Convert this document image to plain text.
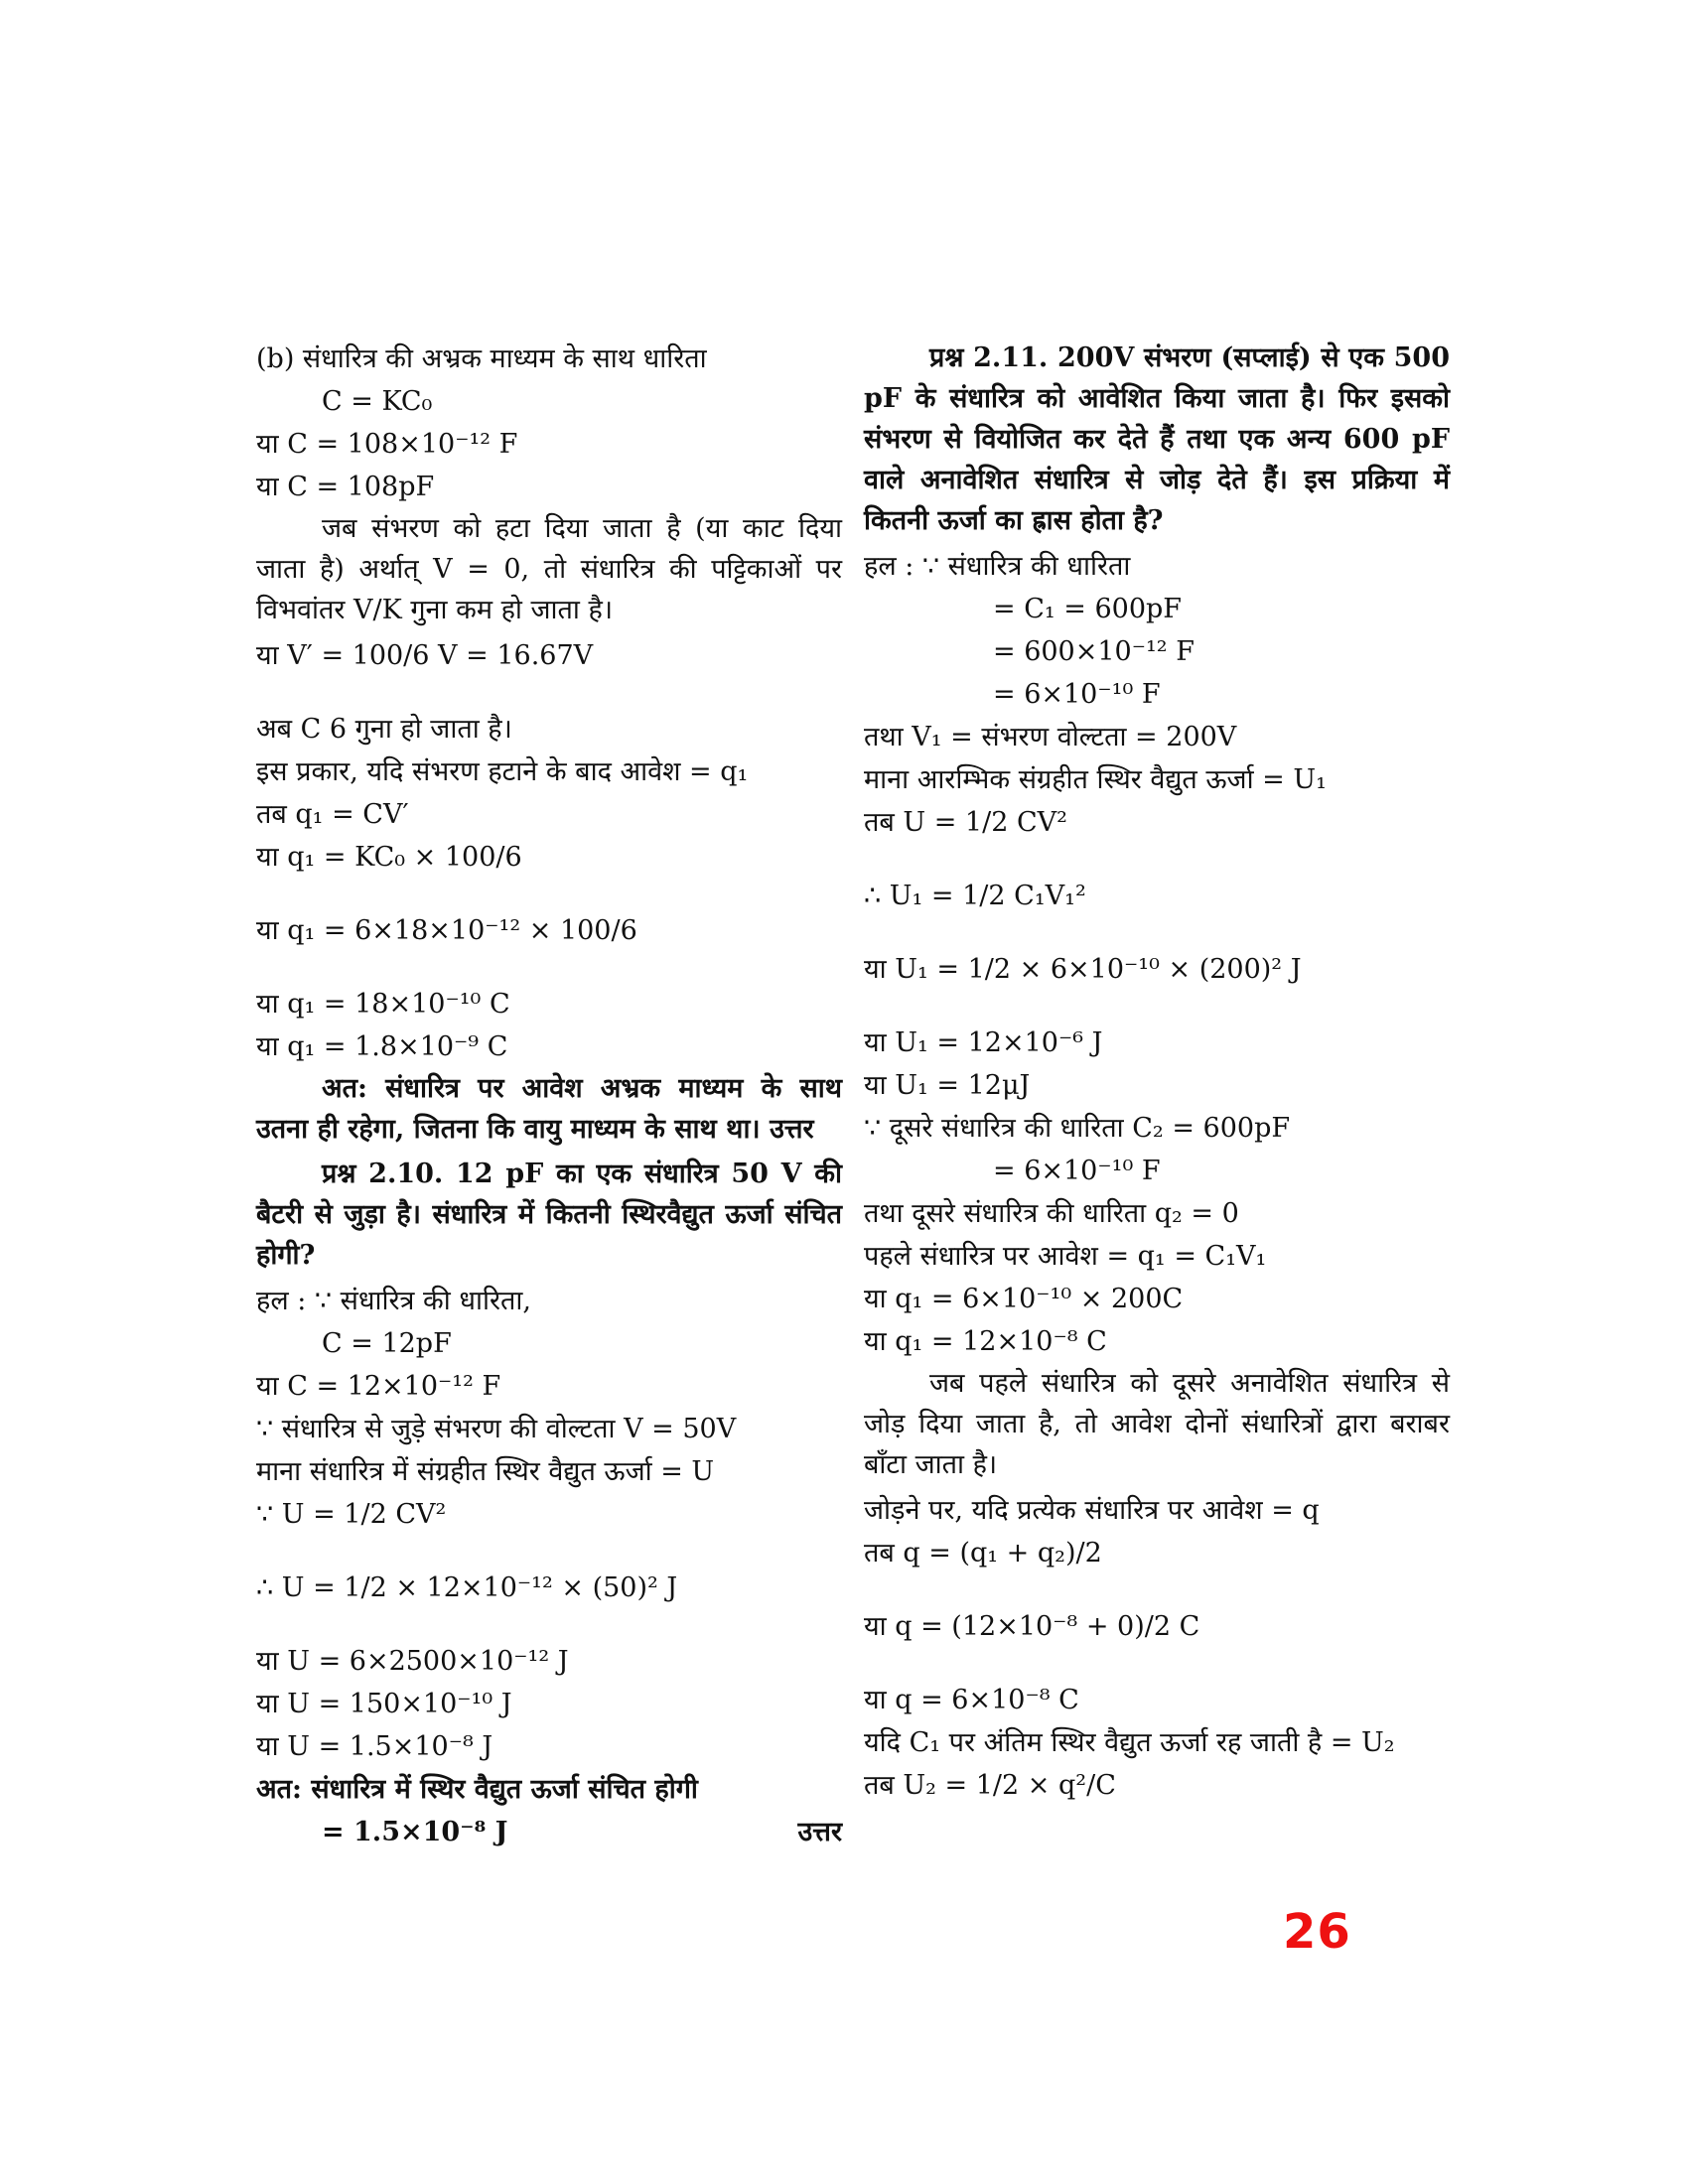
(b) संधारित्र की अभ्रक माध्यम के साथ धारिता
C = KC₀
या C = 108×10⁻¹² F
या C = 108pF

जब संभरण को हटा दिया जाता है (या काट दिया जाता है) अर्थात् V = 0, तो संधारित्र की पट्टिकाओं पर विभवांतर V/K गुना कम हो जाता है।

या V′ = 100/6 V = 16.67V
अब C 6 गुना हो जाता है।
इस प्रकार, यदि संभरण हटाने के बाद आवेश = q₁
तब q₁ = CV′
या q₁ = KC₀ × 100/6
या q₁ = 6×18×10⁻¹² × 100/6
या q₁ = 18×10⁻¹⁰ C
या q₁ = 1.8×10⁻⁹ C

अत: संधारित्र पर आवेश अभ्रक माध्यम के साथ उतना ही रहेगा, जितना कि वायु माध्यम के साथ था। उत्तर

प्रश्न 2.10. 12 pF का एक संधारित्र 50 V की बैटरी से जुड़ा है। संधारित्र में कितनी स्थिरवैद्युत ऊर्जा संचित होगी?

हल : ∵ संधारित्र की धारिता,
C = 12pF
या C = 12×10⁻¹² F
∵ संधारित्र से जुड़े संभरण की वोल्टता V = 50V
माना संधारित्र में संग्रहीत स्थिर वैद्युत ऊर्जा = U
∵ U = 1/2 CV²
∴ U = 1/2 × 12×10⁻¹² × (50)² J
या U = 6×2500×10⁻¹² J
या U = 150×10⁻¹⁰ J
या U = 1.5×10⁻⁸ J
अत: संधारित्र में स्थिर वैद्युत ऊर्जा संचित होगी
= 1.5×10⁻⁸ J	उत्तर

प्रश्न 2.11. 200V संभरण (सप्लाई) से एक 500 pF के संधारित्र को आवेशित किया जाता है। फिर इसको संभरण से वियोजित कर देते हैं तथा एक अन्य 600 pF वाले अनावेशित संधारित्र से जोड़ देते हैं। इस प्रक्रिया में कितनी ऊर्जा का ह्रास होता है?

हल : ∵ संधारित्र की धारिता
= C₁ = 600pF
= 600×10⁻¹² F
= 6×10⁻¹⁰ F
तथा V₁ = संभरण वोल्टता = 200V
माना आरम्भिक संग्रहीत स्थिर वैद्युत ऊर्जा = U₁
तब U = 1/2 CV²
∴ U₁ = 1/2 C₁V₁²
या U₁ = 1/2 × 6×10⁻¹⁰ × (200)² J
या U₁ = 12×10⁻⁶ J
या U₁ = 12μJ
∵ दूसरे संधारित्र की धारिता C₂ = 600pF
= 6×10⁻¹⁰ F
तथा दूसरे संधारित्र की धारिता q₂ = 0
पहले संधारित्र पर आवेश = q₁ = C₁V₁
या q₁ = 6×10⁻¹⁰ × 200C
या q₁ = 12×10⁻⁸ C

जब पहले संधारित्र को दूसरे अनावेशित संधारित्र से जोड़ दिया जाता है, तो आवेश दोनों संधारित्रों द्वारा बराबर बाँटा जाता है।

जोड़ने पर, यदि प्रत्येक संधारित्र पर आवेश = q
तब q = (q₁ + q₂)/2
या q = (12×10⁻⁸ + 0)/2 C
या q = 6×10⁻⁸ C
यदि C₁ पर अंतिम स्थिर वैद्युत ऊर्जा रह जाती है = U₂
तब U₂ = 1/2 × q²/C
26
